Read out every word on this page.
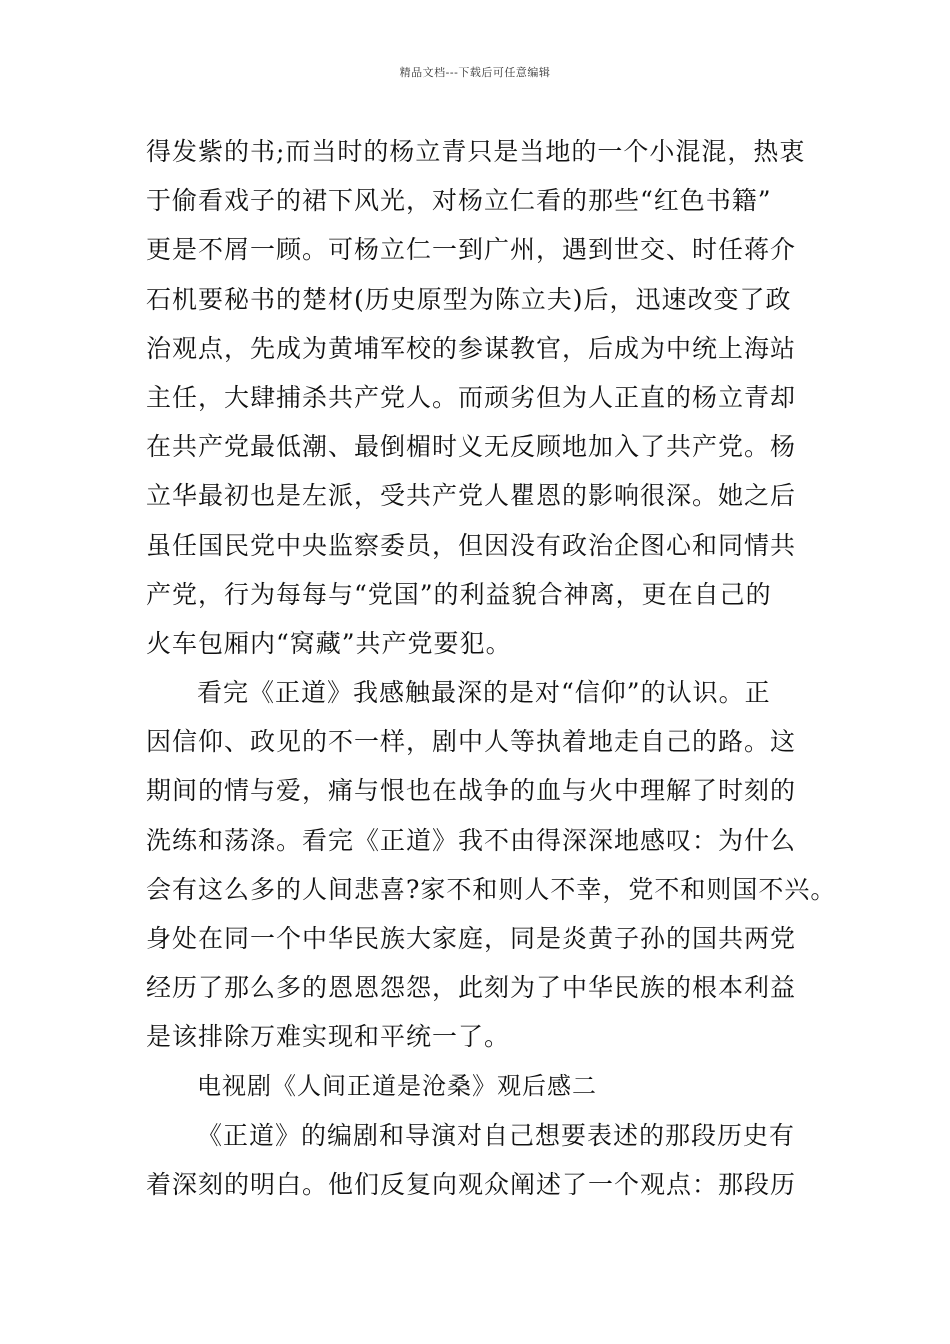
精品文档---下载后可任意编辑
得发紫的书;而当时的杨立青只是当地的一个小混混，热衷
于偷看戏子的裙下风光，对杨立仁看的那些“红色书籍”
更是不屑一顾。可杨立仁一到广州，遇到世交、时任蒋介
石机要秘书的楚材(历史原型为陈立夫)后，迅速改变了政
治观点，先成为黄埔军校的参谋教官，后成为中统上海站
主任，大肆捕杀共产党人。而顽劣但为人正直的杨立青却
在共产党最低潮、最倒楣时义无反顾地加入了共产党。杨
立华最初也是左派，受共产党人瞿恩的影响很深。她之后
虽任国民党中央监察委员，但因没有政治企图心和同情共
产党，行为每每与“党国”的利益貌合神离，更在自己的
火车包厢内“窝藏”共产党要犯。
看完《正道》我感触最深的是对“信仰”的认识。正
因信仰、政见的不一样，剧中人等执着地走自己的路。这
期间的情与爱，痛与恨也在战争的血与火中理解了时刻的
洗练和荡涤。看完《正道》我不由得深深地感叹：为什么
会有这么多的人间悲喜?家不和则人不幸，党不和则国不兴。
身处在同一个中华民族大家庭，同是炎黄子孙的国共两党
经历了那么多的恩恩怨怨，此刻为了中华民族的根本利益
是该排除万难实现和平统一了。
电视剧《人间正道是沧桑》观后感二
《正道》的编剧和导演对自己想要表述的那段历史有
着深刻的明白。他们反复向观众阐述了一个观点：那段历
